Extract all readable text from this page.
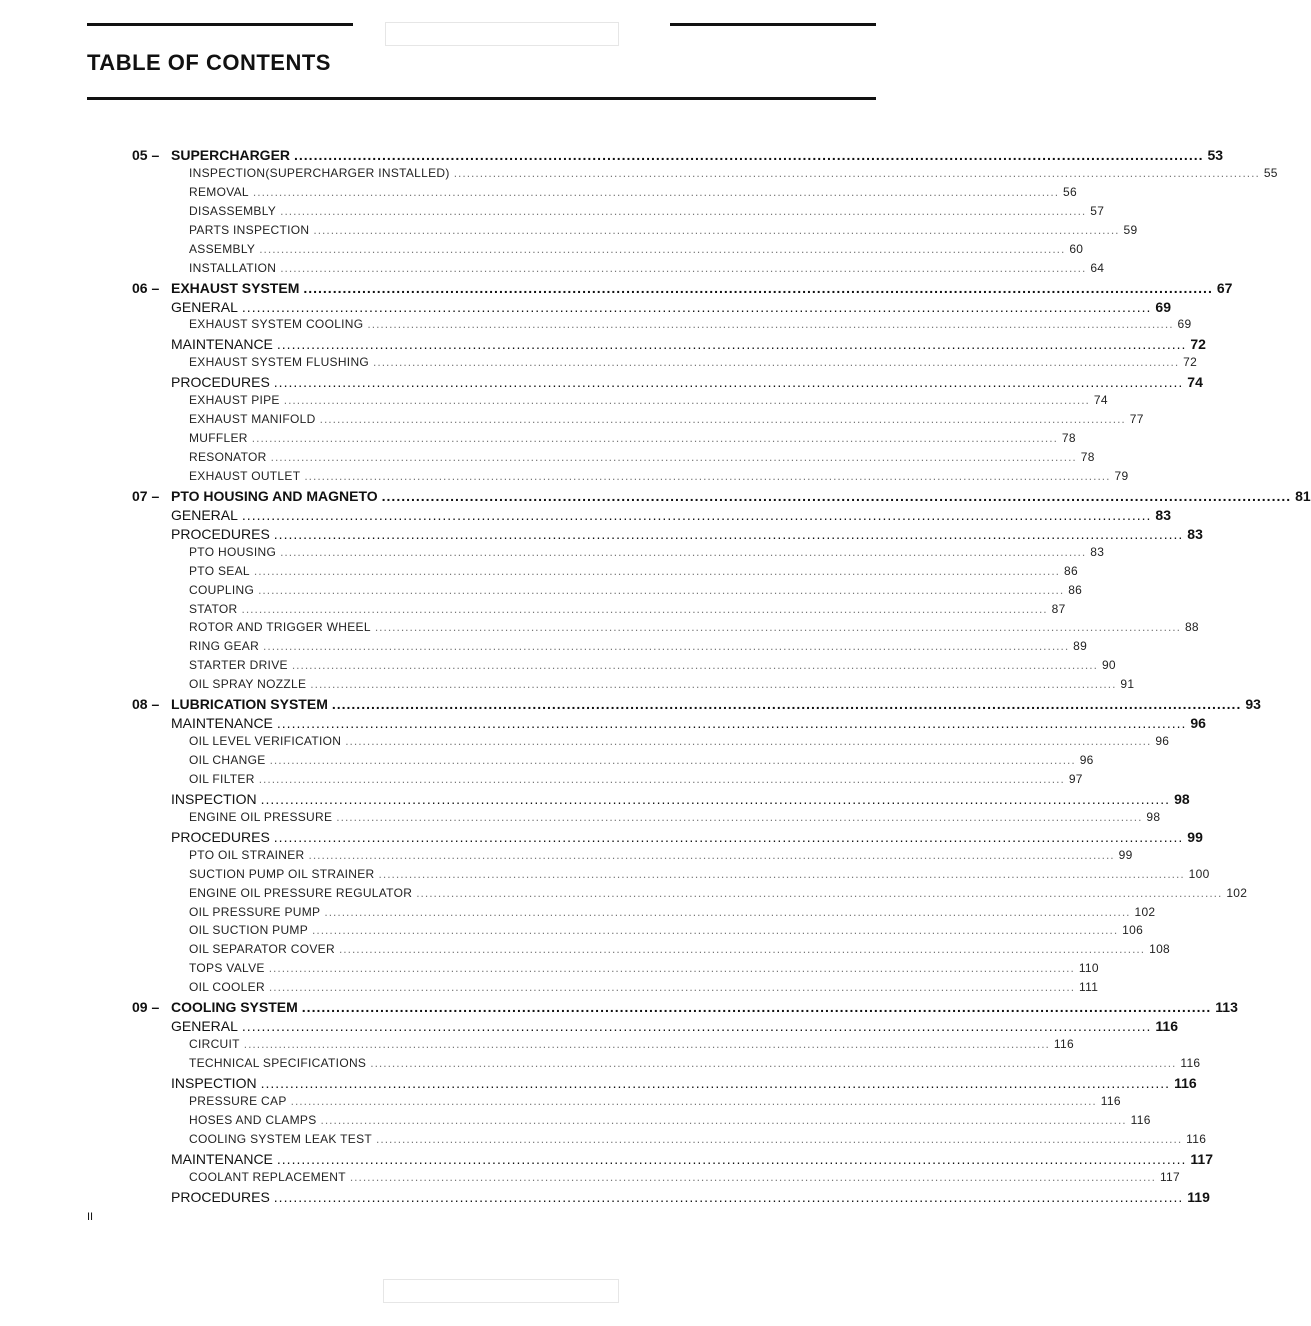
TABLE OF CONTENTS
05 – SUPERCHARGER .......................................................................................................................................................................................... 53
INSPECTION(SUPERCHARGER INSTALLED) .......................................................................................................................................................................................... 55
REMOVAL .......................................................................................................................................................................................... 56
DISASSEMBLY .......................................................................................................................................................................................... 57
PARTS INSPECTION .......................................................................................................................................................................................... 59
ASSEMBLY .......................................................................................................................................................................................... 60
INSTALLATION .......................................................................................................................................................................................... 64
06 – EXHAUST SYSTEM .......................................................................................................................................................................................... 67
GENERAL .......................................................................................................................................................................................... 69
EXHAUST SYSTEM COOLING .......................................................................................................................................................................................... 69
MAINTENANCE .......................................................................................................................................................................................... 72
EXHAUST SYSTEM FLUSHING .......................................................................................................................................................................................... 72
PROCEDURES .......................................................................................................................................................................................... 74
EXHAUST PIPE .......................................................................................................................................................................................... 74
EXHAUST MANIFOLD .......................................................................................................................................................................................... 77
MUFFLER .......................................................................................................................................................................................... 78
RESONATOR .......................................................................................................................................................................................... 78
EXHAUST OUTLET .......................................................................................................................................................................................... 79
07 – PTO HOUSING AND MAGNETO .......................................................................................................................................................................................... 81
GENERAL .......................................................................................................................................................................................... 83
PROCEDURES .......................................................................................................................................................................................... 83
PTO HOUSING .......................................................................................................................................................................................... 83
PTO SEAL .......................................................................................................................................................................................... 86
COUPLING .......................................................................................................................................................................................... 86
STATOR .......................................................................................................................................................................................... 87
ROTOR AND TRIGGER WHEEL .......................................................................................................................................................................................... 88
RING GEAR .......................................................................................................................................................................................... 89
STARTER DRIVE .......................................................................................................................................................................................... 90
OIL SPRAY NOZZLE .......................................................................................................................................................................................... 91
08 – LUBRICATION SYSTEM .......................................................................................................................................................................................... 93
MAINTENANCE .......................................................................................................................................................................................... 96
OIL LEVEL VERIFICATION .......................................................................................................................................................................................... 96
OIL CHANGE .......................................................................................................................................................................................... 96
OIL FILTER .......................................................................................................................................................................................... 97
INSPECTION .......................................................................................................................................................................................... 98
ENGINE OIL PRESSURE .......................................................................................................................................................................................... 98
PROCEDURES .......................................................................................................................................................................................... 99
PTO OIL STRAINER .......................................................................................................................................................................................... 99
SUCTION PUMP OIL STRAINER .......................................................................................................................................................................................... 100
ENGINE OIL PRESSURE REGULATOR .......................................................................................................................................................................................... 102
OIL PRESSURE PUMP .......................................................................................................................................................................................... 102
OIL SUCTION PUMP .......................................................................................................................................................................................... 106
OIL SEPARATOR COVER .......................................................................................................................................................................................... 108
TOPS VALVE .......................................................................................................................................................................................... 110
OIL COOLER .......................................................................................................................................................................................... 111
09 – COOLING SYSTEM .......................................................................................................................................................................................... 113
GENERAL .......................................................................................................................................................................................... 116
CIRCUIT .......................................................................................................................................................................................... 116
TECHNICAL SPECIFICATIONS .......................................................................................................................................................................................... 116
INSPECTION .......................................................................................................................................................................................... 116
PRESSURE CAP .......................................................................................................................................................................................... 116
HOSES AND CLAMPS .......................................................................................................................................................................................... 116
COOLING SYSTEM LEAK TEST .......................................................................................................................................................................................... 116
MAINTENANCE .......................................................................................................................................................................................... 117
COOLANT REPLACEMENT .......................................................................................................................................................................................... 117
PROCEDURES .......................................................................................................................................................................................... 119
II
